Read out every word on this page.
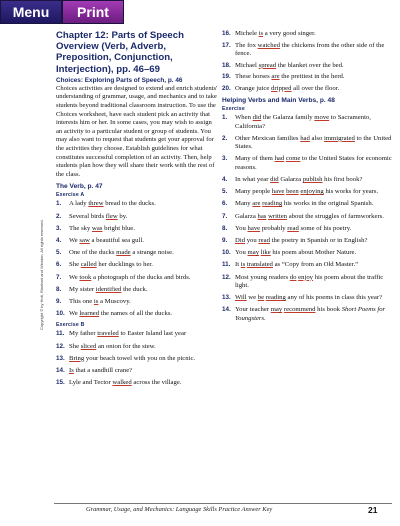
Menu	Print
Chapter 12: Parts of Speech Overview (Verb, Adverb, Preposition, Conjunction, Interjection), pp. 46–69
Choices: Exploring Parts of Speech, p. 46
Choices activities are designed to extend and enrich students' understanding of grammar, usage, and mechanics and to take students beyond traditional classroom instruction. To use the Choices worksheet, have each student pick an activity that interests him or her. In some cases, you may wish to assign an activity to a particular student or group of students. You may also want to request that students get your approval for the activities they choose. Establish guidelines for what constitutes successful completion of an activity. Then, help students plan how they will share their work with the rest of the class.
The Verb, p. 47
Exercise A
1. A lady threw bread to the ducks.
2. Several birds flew by.
3. The sky was bright blue.
4. We saw a beautiful sea gull.
5. One of the ducks made a strange noise.
6. She called her ducklings to her.
7. We took a photograph of the ducks and birds.
8. My sister identified the duck.
9. This one is a Muscovy.
10. We learned the names of all the ducks.
Exercise B
11. My father traveled to Easter Island last year
12. She sliced an onion for the stew.
13. Bring your beach towel with you on the picnic.
14. Is that a sandhill crane?
15. Lyle and Tector walked across the village.
16. Michele is a very good singer.
17. The fox watched the chickens from the other side of the fence.
18. Michael spread the blanket over the bed.
19. These horses are the prettiest in the herd.
20. Orange juice dripped all over the floor.
Helping Verbs and Main Verbs, p. 48
Exercise
1. When did the Galarza family move to Sacramento, California?
2. Other Mexican families had also immigrated to the United States.
3. Many of them had come to the United States for economic reasons.
4. In what year did Galarza publish his first book?
5. Many people have been enjoying his works for years.
6. Many are reading his works in the original Spanish.
7. Galarza has written about the struggles of farmworkers.
8. You have probably read some of his poetry.
9. Did you read the poetry in Spanish or in English?
10. You may like his poem about Mother Nature.
11. It is translated as “Copy from an Old Master.”
12. Most young readers do enjoy his poem about the traffic light.
13. Will we be reading any of his poems in class this year?
14. Your teacher may recommend his book Short Poems for Youngsters.
Copyright © by Holt, Rinehart and Winston. All rights reserved.
Grammar, Usage, and Mechanics: Language Skills Practice Answer Key	21
